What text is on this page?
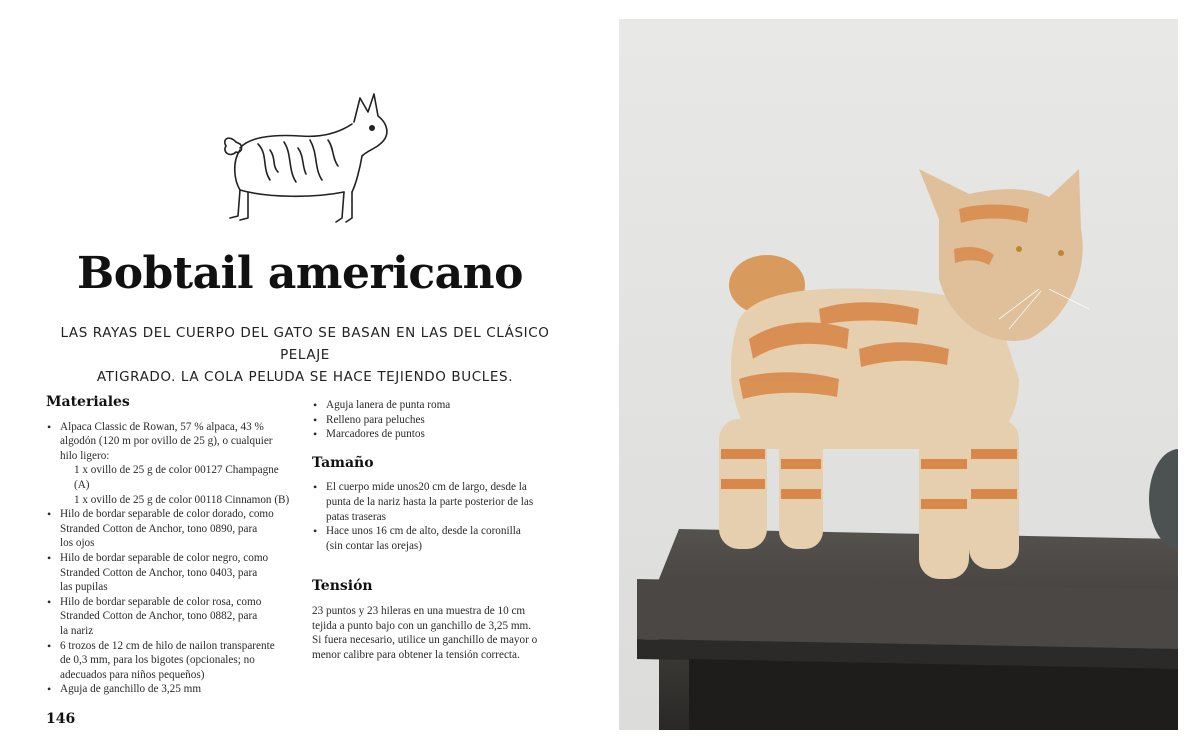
Bobtail americano
LAS RAYAS DEL CUERPO DEL GATO SE BASAN EN LAS DEL CLÁSICO PELAJE
ATIGRADO. LA COLA PELUDA SE HACE TEJIENDO BUCLES.
Materiales
• Alpaca Classic de Rowan, 57 % alpaca, 43 %
algodón (120 m por ovillo de 25 g), o cualquier
hilo ligero:
1 x ovillo de 25 g de color 00127 Champagne (A)
1 x ovillo de 25 g de color 00118 Cinnamon (B)
• Hilo de bordar separable de color dorado, como
Stranded Cotton de Anchor, tono 0890, para
los ojos
• Hilo de bordar separable de color negro, como
Stranded Cotton de Anchor, tono 0403, para
las pupilas
• Hilo de bordar separable de color rosa, como
Stranded Cotton de Anchor, tono 0882, para
la nariz
• 6 trozos de 12 cm de hilo de nailon transparente
de 0,3 mm, para los bigotes (opcionales; no
adecuados para niños pequeños)
• Aguja de ganchillo de 3,25 mm
• Aguja lanera de punta roma
• Relleno para peluches
• Marcadores de puntos
Tamaño
• El cuerpo mide unos20 cm de largo, desde la
punta de la nariz hasta la parte posterior de las
patas traseras
• Hace unos 16 cm de alto, desde la coronilla
(sin contar las orejas)
Tensión
23 puntos y 23 hileras en una muestra de 10 cm
tejida a punto bajo con un ganchillo de 3,25 mm.
Si fuera necesario, utilice un ganchillo de mayor o
menor calibre para obtener la tensión correcta.
146
